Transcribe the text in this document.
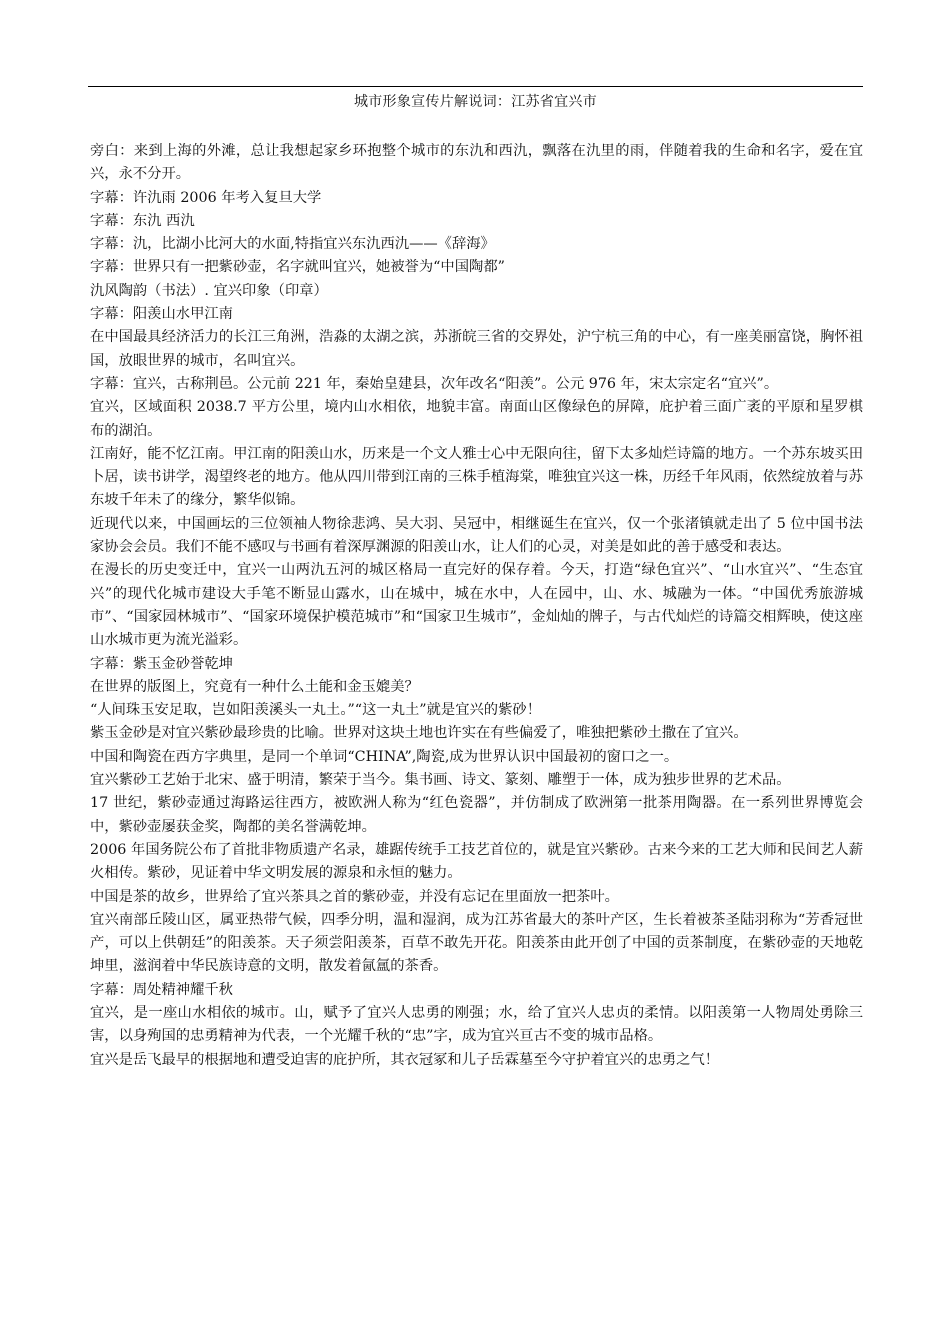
城市形象宣传片解说词：江苏省宜兴市

旁白：来到上海的外滩，总让我想起家乡环抱整个城市的东氿和西氿，飘落在氿里的雨，伴随着我的生命和名字，爱在宜兴，永不分开。

字幕：许氿雨 2006 年考入复旦大学

字幕：东氿 西氿

字幕：氿，比湖小比河大的水面,特指宜兴东氿西氿——《辞海》

字幕：世界只有一把紫砂壶，名字就叫宜兴，她被誉为“中国陶都”

氿风陶韵（书法）. 宜兴印象（印章）

字幕：阳羡山水甲江南

在中国最具经济活力的长江三角洲，浩淼的太湖之滨，苏浙皖三省的交界处，沪宁杭三角的中心，有一座美丽富饶，胸怀祖国，放眼世界的城市，名叫宜兴。

字幕：宜兴，古称荆邑。公元前 221 年，秦始皇建县，次年改名“阳羡”。公元 976 年，宋太宗定名“宜兴”。

宜兴，区域面积 2038.7 平方公里，境内山水相依，地貌丰富。南面山区像绿色的屏障，庇护着三面广袤的平原和星罗棋布的湖泊。

江南好，能不忆江南。甲江南的阳羡山水，历来是一个文人雅士心中无限向往，留下太多灿烂诗篇的地方。一个苏东坡买田卜居，读书讲学，渴望终老的地方。他从四川带到江南的三株手植海棠，唯独宜兴这一株，历经千年风雨，依然绽放着与苏东坡千年未了的缘分，繁华似锦。

近现代以来，中国画坛的三位领袖人物徐悲鸿、吴大羽、吴冠中，相继诞生在宜兴，仅一个张渚镇就走出了 5 位中国书法家协会会员。我们不能不感叹与书画有着深厚渊源的阳羡山水，让人们的心灵，对美是如此的善于感受和表达。

在漫长的历史变迁中，宜兴一山两氿五河的城区格局一直完好的保存着。今天，打造“绿色宜兴”、“山水宜兴”、“生态宜兴”的现代化城市建设大手笔不断显山露水，山在城中，城在水中，人在园中，山、水、城融为一体。“中国优秀旅游城市”、“国家园林城市”、“国家环境保护模范城市”和“国家卫生城市”，金灿灿的牌子，与古代灿烂的诗篇交相辉映，使这座山水城市更为流光溢彩。

字幕：紫玉金砂誉乾坤

在世界的版图上，究竟有一种什么土能和金玉媲美？

“人间珠玉安足取，岂如阳羡溪头一丸土。”“这一丸土”就是宜兴的紫砂！

紫玉金砂是对宜兴紫砂最珍贵的比喻。世界对这块土地也许实在有些偏爱了，唯独把紫砂土撒在了宜兴。

中国和陶瓷在西方字典里，是同一个单词“CHINA”,陶瓷,成为世界认识中国最初的窗口之一。

宜兴紫砂工艺始于北宋、盛于明清，繁荣于当今。集书画、诗文、篆刻、雕塑于一体，成为独步世界的艺术品。

17 世纪，紫砂壶通过海路运往西方，被欧洲人称为“红色瓷器”，并仿制成了欧洲第一批茶用陶器。在一系列世界博览会中，紫砂壶屡获金奖，陶都的美名誉满乾坤。

2006 年国务院公布了首批非物质遗产名录，雄踞传统手工技艺首位的，就是宜兴紫砂。古来今来的工艺大师和民间艺人薪火相传。紫砂，见证着中华文明发展的源泉和永恒的魅力。

中国是茶的故乡，世界给了宜兴茶具之首的紫砂壶，并没有忘记在里面放一把茶叶。

宜兴南部丘陵山区，属亚热带气候，四季分明，温和湿润，成为江苏省最大的茶叶产区，生长着被茶圣陆羽称为“芳香冠世产，可以上供朝廷”的阳羡茶。天子须尝阳羡茶，百草不敢先开花。阳羡茶由此开创了中国的贡茶制度，在紫砂壶的天地乾坤里，滋润着中华民族诗意的文明，散发着氤氲的茶香。

字幕：周处精神耀千秋

宜兴，是一座山水相依的城市。山，赋予了宜兴人忠勇的刚强；水，给了宜兴人忠贞的柔情。以阳羡第一人物周处勇除三害，以身殉国的忠勇精神为代表，一个光耀千秋的“忠”字，成为宜兴亘古不变的城市品格。

宜兴是岳飞最早的根据地和遭受迫害的庇护所，其衣冠冢和儿子岳霖墓至今守护着宜兴的忠勇之气！
